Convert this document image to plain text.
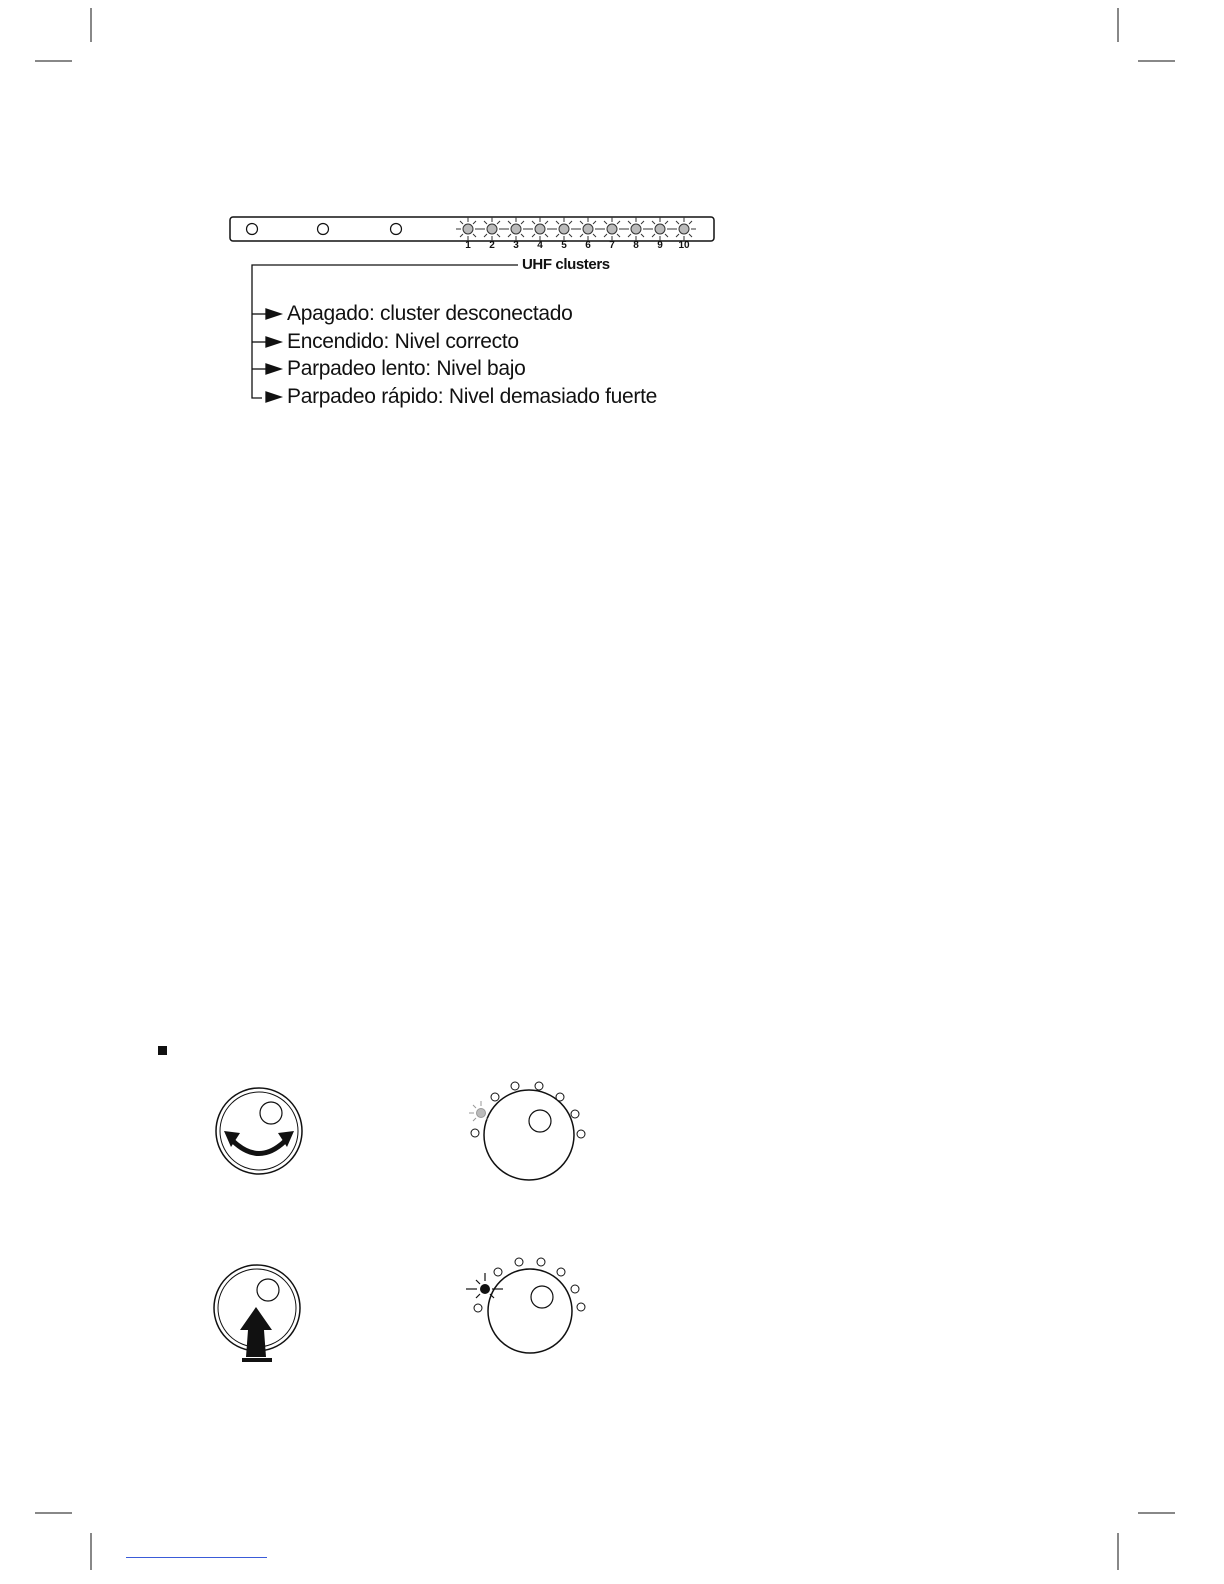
1	2	3	4	5	6	7	8	9	10
UHF clusters
Apagado: cluster desconectado
Encendido: Nivel correcto
Parpadeo lento: Nivel bajo
Parpadeo rápido: Nivel demasiado fuerte
